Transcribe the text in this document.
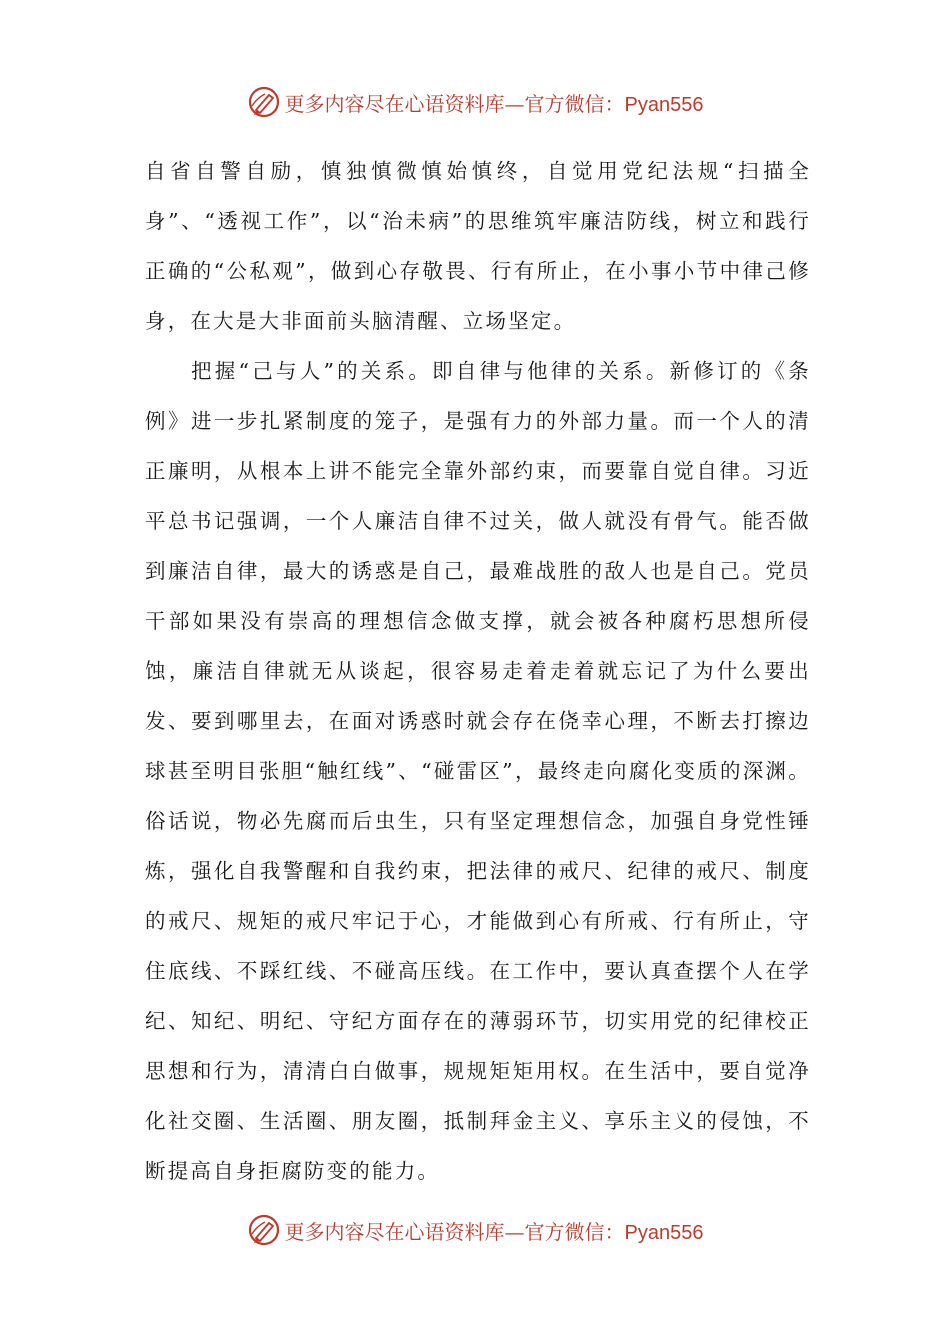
更多内容尽在心语资料库—官方微信：Pyan556

自省自警自励，慎独慎微慎始慎终，自觉用党纪法规“扫描全身”、“透视工作”，以“治未病”的思维筑牢廉洁防线，树立和践行正确的“公私观”，做到心存敬畏、行有所止，在小事小节中律己修身，在大是大非面前头脑清醒、立场坚定。

把握“己与人”的关系。即自律与他律的关系。新修订的《条例》进一步扎紧制度的笼子，是强有力的外部力量。而一个人的清正廉明，从根本上讲不能完全靠外部约束，而要靠自觉自律。习近平总书记强调，一个人廉洁自律不过关，做人就没有骨气。能否做到廉洁自律，最大的诱惑是自己，最难战胜的敌人也是自己。党员干部如果没有崇高的理想信念做支撑，就会被各种腐朽思想所侵蚀，廉洁自律就无从谈起，很容易走着走着就忘记了为什么要出发、要到哪里去，在面对诱惑时就会存在侥幸心理，不断去打擦边球甚至明目张胆“触红线”、“碰雷区”，最终走向腐化变质的深渊。俗话说，物必先腐而后虫生，只有坚定理想信念，加强自身党性锤炼，强化自我警醒和自我约束，把法律的戒尺、纪律的戒尺、制度的戒尺、规矩的戒尺牢记于心，才能做到心有所戒、行有所止，守住底线、不踩红线、不碰高压线。在工作中，要认真查摆个人在学纪、知纪、明纪、守纪方面存在的薄弱环节，切实用党的纪律校正思想和行为，清清白白做事，规规矩矩用权。在生活中，要自觉净化社交圈、生活圈、朋友圈，抵制拜金主义、享乐主义的侵蚀，不断提高自身拒腐防变的能力。

更多内容尽在心语资料库—官方微信：Pyan556
